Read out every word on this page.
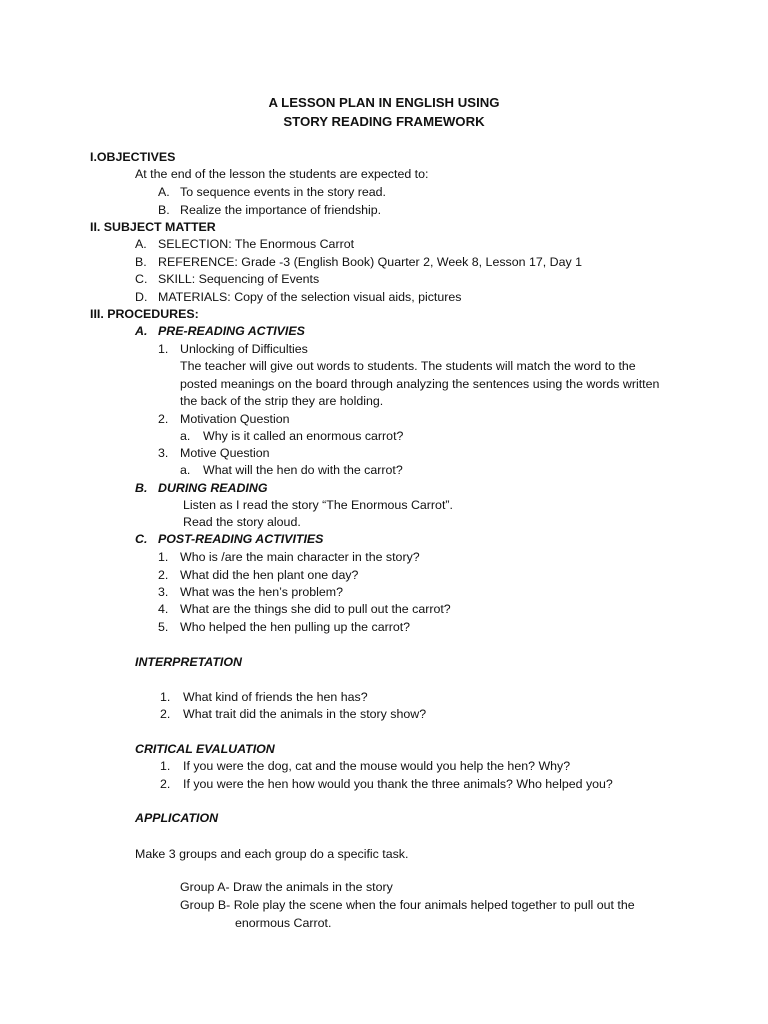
A LESSON PLAN IN ENGLISH USING
STORY READING FRAMEWORK
I.OBJECTIVES
At the end of the lesson the students are expected to:
A. To sequence events in the story read.
B. Realize the importance of friendship.
II. SUBJECT MATTER
A. SELECTION: The Enormous Carrot
B. REFERENCE: Grade -3 (English Book) Quarter 2, Week 8, Lesson 17, Day 1
C. SKILL: Sequencing of Events
D. MATERIALS: Copy of the selection visual aids, pictures
III. PROCEDURES:
A. PRE-READING ACTIVIES
1. Unlocking of Difficulties
The teacher will give out words to students. The students will match the word to the
posted meanings on the board through analyzing the sentences using the words written
the back of the strip they are holding.
2. Motivation Question
a. Why is it called an enormous carrot?
3. Motive Question
a. What will the hen do with the carrot?
B. DURING READING
Listen as I read the story “The Enormous Carrot”.
Read the story aloud.
C. POST-READING ACTIVITIES
1. Who is /are the main character in the story?
2. What did the hen plant one day?
3. What was the hen’s problem?
4. What are the things she did to pull out the carrot?
5. Who helped the hen pulling up the carrot?
INTERPRETATION
1. What kind of friends the hen has?
2. What trait did the animals in the story show?
CRITICAL EVALUATION
1. If you were the dog, cat and the mouse would you help the hen? Why?
2. If you were the hen how would you thank the three animals? Who helped you?
APPLICATION
Make 3 groups and each group do a specific task.
Group A- Draw the animals in the story
Group B- Role play the scene when the four animals helped together to pull out the
enormous Carrot.
